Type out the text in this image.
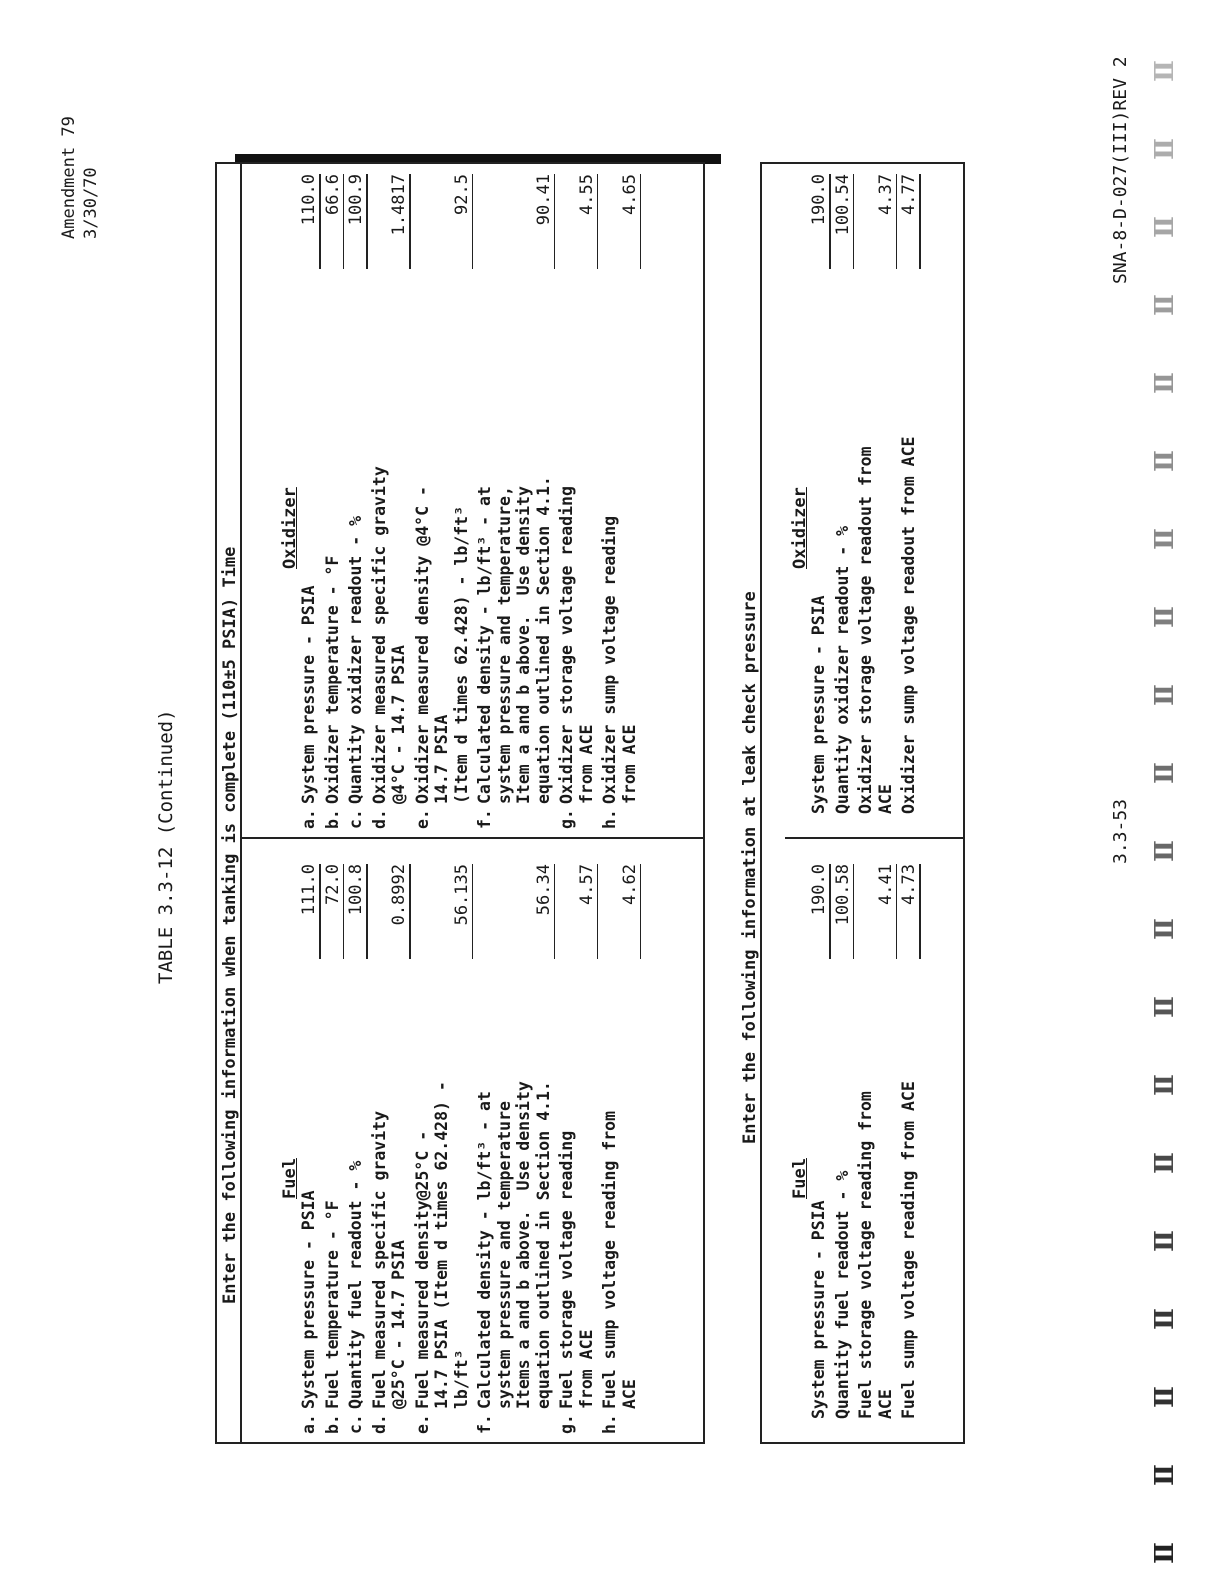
Amendment 79 3/30/70
TABLE 3.3-12 (Continued)	Enter the following information when tanking is complete (110±5 PSIA) Time Fuel
Oxidizer
a.
System pressure - PSIA
111.0
b.
Fuel temperature - °F
72.0
c.
Quantity fuel readout - %
100.8
d.
Fuel measured specific gravity @25°C - 14.7 PSIA
0.8992
e.
Fuel measured density@25°C - 14.7 PSIA (Item d times 62.428) - lb/ft³
56.135
f.
Calculated density - lb/ft³ - at system pressure and temperature Items a and b above.  Use density equation outlined in Section 4.1.
56.34
g.
Fuel storage voltage reading from ACE
4.57
h.
Fuel sump voltage reading from ACE
4.62
a.
System pressure - PSIA
110.0
b.
Oxidizer temperature - °F
66.6
c.
Quantity oxidizer readout - %
100.9
d.
Oxidizer measured specific gravity @4°C - 14.7 PSIA
1.4817
e.
Oxidizer measured density @4°C - 14.7 PSIA (Item d times 62.428) - lb/ft³
92.5
f.
Calculated density - lb/ft³ - at system pressure and temperature, Item a and b above.  Use density equation outlined in Section 4.1.
90.41
g.
Oxidizer storage voltage reading from ACE
4.55
h.
Oxidizer sump voltage reading from ACE
4.65
Enter the following information at leak check pressure
Fuel
Oxidizer
System pressure - PSIA
190.0
Quantity fuel readout - %
100.58
Fuel storage voltage reading from ACE
4.41
Fuel sump voltage reading from ACE
4.73
System pressure - PSIA
190.0
Quantity oxidizer readout - %
100.54
Oxidizer storage voltage readout from ACE
4.37
Oxidizer sump voltage readout from ACE
4.77
3.3-53
SNA-8-D-027(III)REV 2
Ⅱ
Ⅱ
Ⅱ
Ⅱ
Ⅱ
Ⅱ
Ⅱ
Ⅱ
Ⅱ
Ⅱ
Ⅱ
Ⅱ
Ⅱ
Ⅱ
Ⅱ
Ⅱ
Ⅱ
Ⅱ
Ⅱ
Ⅱ
